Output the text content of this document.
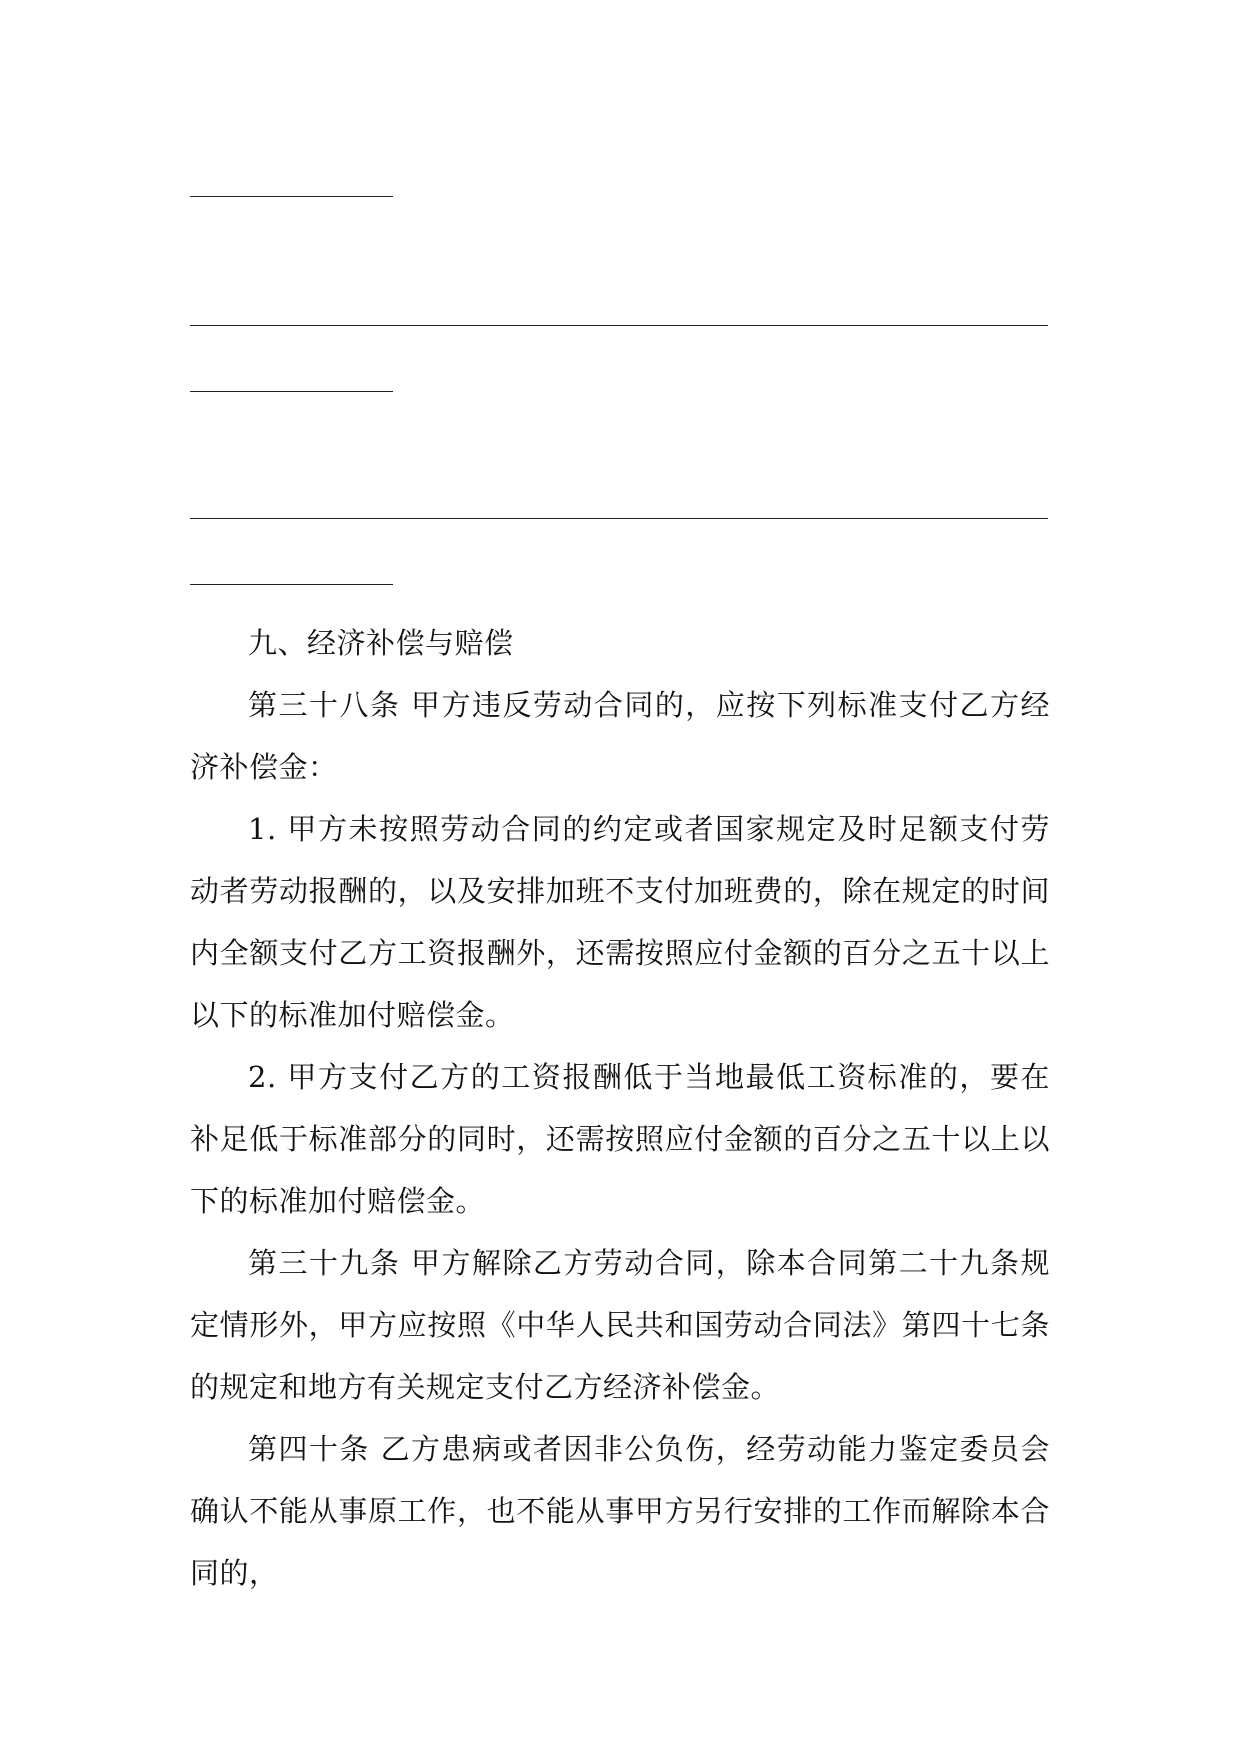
九、经济补偿与赔偿

第三十八条 甲方违反劳动合同的，应按下列标准支付乙方经济补偿金：

1. 甲方未按照劳动合同的约定或者国家规定及时足额支付劳动者劳动报酬的，以及安排加班不支付加班费的，除在规定的时间内全额支付乙方工资报酬外，还需按照应付金额的百分之五十以上以下的标准加付赔偿金。

2. 甲方支付乙方的工资报酬低于当地最低工资标准的，要在补足低于标准部分的同时，还需按照应付金额的百分之五十以上以下的标准加付赔偿金。

第三十九条 甲方解除乙方劳动合同，除本合同第二十九条规定情形外，甲方应按照《中华人民共和国劳动合同法》第四十七条的规定和地方有关规定支付乙方经济补偿金。

第四十条 乙方患病或者因非公负伤，经劳动能力鉴定委员会确认不能从事原工作，也不能从事甲方另行安排的工作而解除本合同的，
